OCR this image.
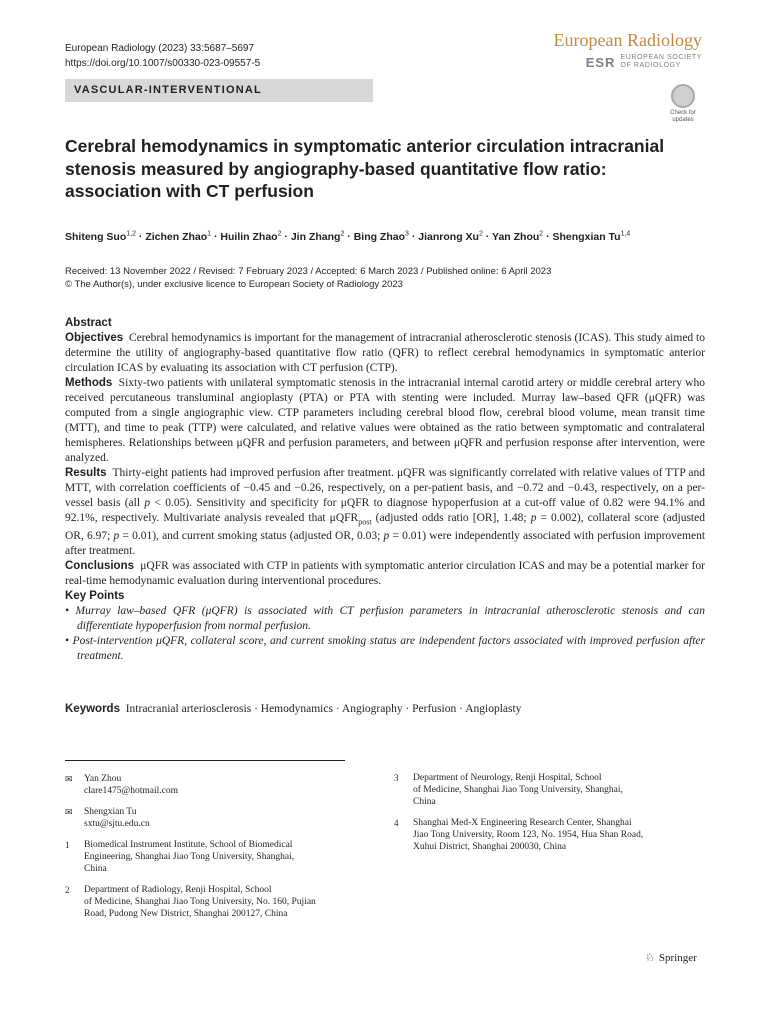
European Radiology (2023) 33:5687–5697
https://doi.org/10.1007/s00330-023-09557-5
European Radiology
ESR EUROPEAN SOCIETY
OF RADIOLOGY
VASCULAR-INTERVENTIONAL
Check for
updates
Cerebral hemodynamics in symptomatic anterior circulation intracranial stenosis measured by angiography-based quantitative flow ratio: association with CT perfusion
Shiteng Suo$^{1,2}$ · Zichen Zhao$^1$ · Huilin Zhao$^2$ · Jin Zhang$^2$ · Bing Zhao$^3$ · Jianrong $Xu^2$ · Yan Zhou$^2$ · Shengxian Tu$^{1,4}$
Received: 13 November 2022 / Revised: 7 February 2023 / Accepted: 6 March 2023 / Published online: 6 April 2023
© The Author(s), under exclusive licence to European Society of Radiology 2023

Abstract

Objectives Cerebral hemodynamics is important for the management of intracranial atherosclerotic stenosis (ICAS). This study aimed to determine the utility of angiography-based quantitative flow ratio (QFR) to reflect cerebral hemodynamics in symptomatic anterior circulation ICAS by evaluating its association with CT perfusion (CTP).

Methods Sixty-two patients with unilateral symptomatic stenosis in the intracranial internal carotid artery or middle cerebral artery who received percutaneous transluminal angioplasty (PTA) or PTA with stenting were included. Murray law–based QFR (μQFR) was computed from a single angiographic view. CTP parameters including cerebral blood flow, cerebral blood volume, mean transit time (MTT), and time to peak (TTP) were calculated, and relative values were obtained as the ratio between symptomatic and contralateral hemispheres. Relationships between μQFR and perfusion parameters, and between μQFR and perfusion response after intervention, were analyzed.

Results Thirty-eight patients had improved perfusion after treatment. μQFR was significantly correlated with relative values of TTP and MTT, with correlation coefficients of −0.45 and −0.26, respectively, on a per-patient basis, and −0.72 and −0.43, respectively, on a per-vessel basis (all p < 0.05). Sensitivity and specificity for μQFR to diagnose hypoperfusion at a cut-off value of 0.82 were 94.1% and 92.1%, respectively. Multivariate analysis revealed that μQFR$_{post}$ (adjusted odds ratio [OR], 1.48; p = 0.002), collateral score (adjusted OR, 6.97; p = 0.01), and current smoking status (adjusted OR, 0.03; p = 0.01) were independently associated with perfusion improvement after treatment.

Conclusions μQFR was associated with CTP in patients with symptomatic anterior circulation ICAS and may be a potential marker for real-time hemodynamic evaluation during interventional procedures.

Key Points

• Murray law–based QFR (μQFR) is associated with CT perfusion parameters in intracranial atherosclerotic stenosis and can differentiate hypoperfusion from normal perfusion.

• Post-intervention μQFR, collateral score, and current smoking status are independent factors associated with improved perfusion after treatment.

Keywords Intracranial arteriosclerosis · Hemodynamics · Angiography · Perfusion · Angioplasty
✉ Yan Zhou
clare1475@hotmail.com
✉ Shengxian Tu
sxtu@sjtu.edu.cn
1 Biomedical Instrument Institute, School of Biomedical
Engineering, Shanghai Jiao Tong University, Shanghai,
China
2 Department of Radiology, Renji Hospital, School
of Medicine, Shanghai Jiao Tong University, No. 160, Pujian
Road, Pudong New District, Shanghai 200127, China
3 Department of Neurology, Renji Hospital, School
of Medicine, Shanghai Jiao Tong University, Shanghai,
China
4 Shanghai Med-X Engineering Research Center, Shanghai
Jiao Tong University, Room 123, No. 1954, Hua Shan Road,
Xuhui District, Shanghai 200030, China
♘ Springer
